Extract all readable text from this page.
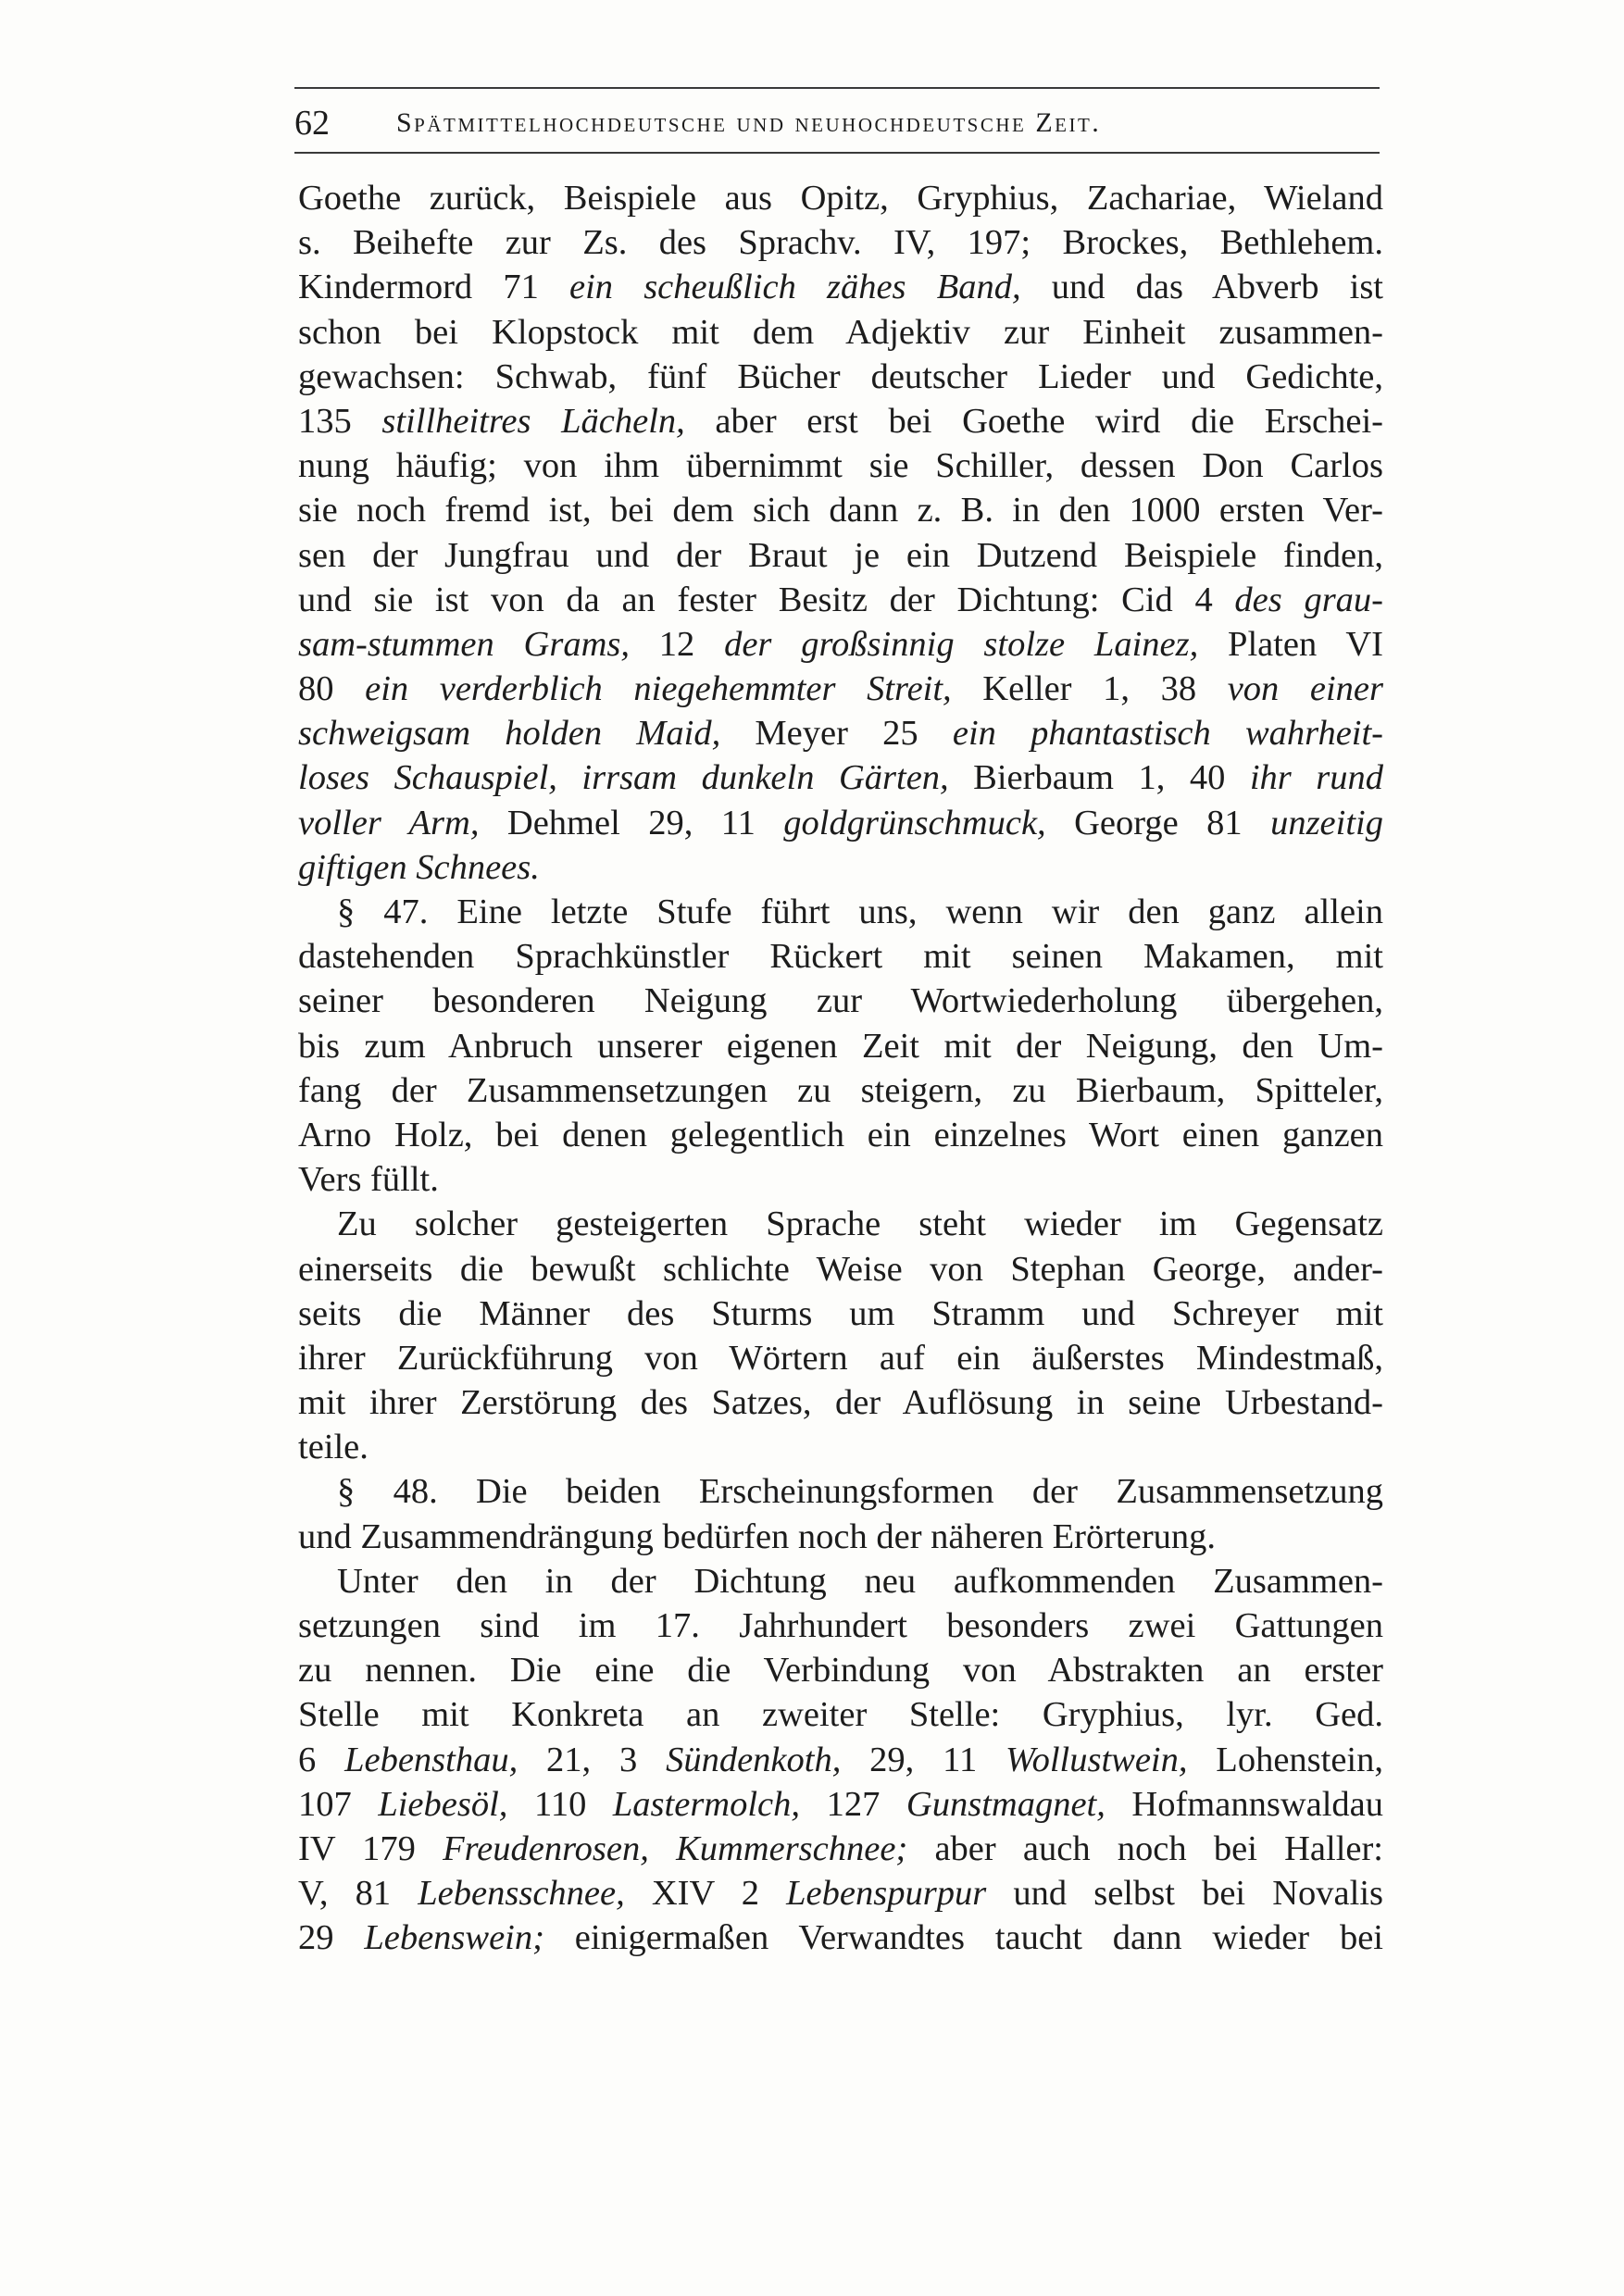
62 Spätmittelhochdeutsche und neuhochdeutsche Zeit.
Goethe zurück, Beispiele aus Opitz, Gryphius, Zachariae, Wieland
s. Beihefte zur Zs. des Sprachv. IV, 197; Brockes, Bethlehem.
Kindermord 71 ein scheußlich zähes Band, und das Abverb ist
schon bei Klopstock mit dem Adjektiv zur Einheit zusammen-
gewachsen: Schwab, fünf Bücher deutscher Lieder und Gedichte,
135 stillheitres Lächeln, aber erst bei Goethe wird die Erschei-
nung häufig; von ihm übernimmt sie Schiller, dessen Don Carlos
sie noch fremd ist, bei dem sich dann z. B. in den 1000 ersten Ver-
sen der Jungfrau und der Braut je ein Dutzend Beispiele finden,
und sie ist von da an fester Besitz der Dichtung: Cid 4 des grau-
sam-stummen Grams, 12 der großsinnig stolze Lainez, Platen VI
80 ein verderblich niegehemmter Streit, Keller 1, 38 von einer
schweigsam holden Maid, Meyer 25 ein phantastisch wahrheit-
loses Schauspiel, irrsam dunkeln Gärten, Bierbaum 1, 40 ihr rund
voller Arm, Dehmel 29, 11 goldgrünschmuck, George 81 unzeitig
giftigen Schnees.
§ 47. Eine letzte Stufe führt uns, wenn wir den ganz allein
dastehenden Sprachkünstler Rückert mit seinen Makamen, mit
seiner besonderen Neigung zur Wortwiederholung übergehen,
bis zum Anbruch unserer eigenen Zeit mit der Neigung, den Um-
fang der Zusammensetzungen zu steigern, zu Bierbaum, Spitteler,
Arno Holz, bei denen gelegentlich ein einzelnes Wort einen ganzen
Vers füllt.
Zu solcher gesteigerten Sprache steht wieder im Gegensatz
einerseits die bewußt schlichte Weise von Stephan George, ander-
seits die Männer des Sturms um Stramm und Schreyer mit
ihrer Zurückführung von Wörtern auf ein äußerstes Mindestmaß,
mit ihrer Zerstörung des Satzes, der Auflösung in seine Urbestand-
teile.
§ 48. Die beiden Erscheinungsformen der Zusammensetzung
und Zusammendrängung bedürfen noch der näheren Erörterung.
Unter den in der Dichtung neu aufkommenden Zusammen-
setzungen sind im 17. Jahrhundert besonders zwei Gattungen
zu nennen. Die eine die Verbindung von Abstrakten an erster
Stelle mit Konkreta an zweiter Stelle: Gryphius, lyr. Ged.
6 Lebensthau, 21, 3 Sündenkoth, 29, 11 Wollustwein, Lohenstein,
107 Liebesöl, 110 Lastermolch, 127 Gunstmagnet, Hofmannswaldau
IV 179 Freudenrosen, Kummerschnee; aber auch noch bei Haller:
V, 81 Lebensschnee, XIV 2 Lebenspurpur und selbst bei Novalis
29 Lebenswein; einigermaßen Verwandtes taucht dann wieder bei
